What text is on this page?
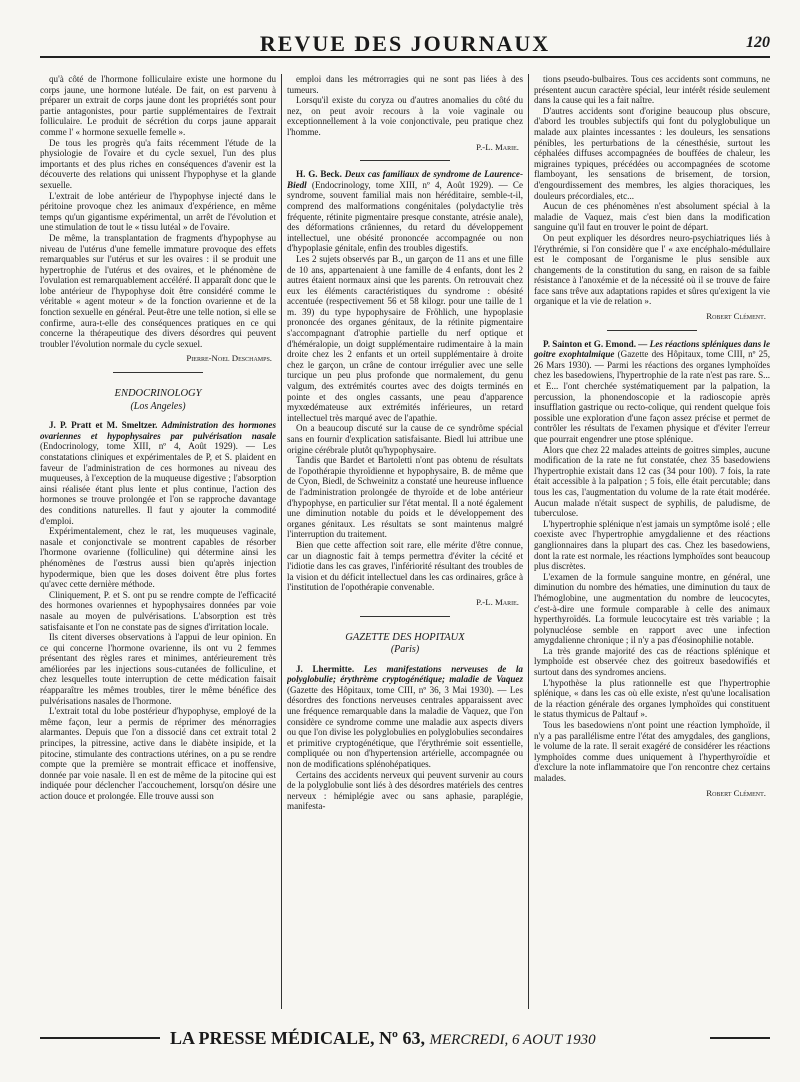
REVUE DES JOURNAUX	120

qu'à côté de l'hormone folliculaire existe une hormone du corps jaune, une hormone lutéale. De fait, on est parvenu à préparer un extrait de corps jaune dont les propriétés sont pour partie antagonistes, pour partie supplémentaires de l'extrait folliculaire. Le produit de sécrétion du corps jaune apparait comme l' « hormone sexuelle femelle ».

De tous les progrès qu'a faits récemment l'étude de la physiologie de l'ovaire et du cycle sexuel, l'un des plus importants et des plus riches en conséquences d'avenir est la découverte des relations qui unissent l'hypophyse et la glande sexuelle.

L'extrait de lobe antérieur de l'hypophyse injecté dans le péritoine provoque chez les animaux d'expérience, en même temps qu'un gigantisme expérimental, un arrêt de l'évolution et une stimulation de tout le « tissu lutéal » de l'ovaire.

De même, la transplantation de fragments d'hypophyse au niveau de l'utérus d'une femelle immature provoque des effets remarquables sur l'utérus et sur les ovaires : il se produit une hypertrophie de l'utérus et des ovaires, et le phénomène de l'ovulation est remarquablement accéléré. Il apparaît donc que le lobe antérieur de l'hypophyse doit être considéré comme le véritable « agent moteur » de la fonction ovarienne et de la fonction sexuelle en général. Peut-être une telle notion, si elle se confirme, aura-t-elle des conséquences pratiques en ce qui concerne la thérapeutique des divers désordres qui peuvent troubler l'évolution normale du cycle sexuel.

Pierre-Noel Deschamps.

ENDOCRINOLOGY

(Los Angeles)

J. P. Pratt et M. Smeltzer. Administration des hormones ovariennes et hypophysaires par pulvérisation nasale (Endocrinology, tome XIII, nº 4, Août 1929). — Les constatations cliniques et expérimentales de P, et S. plaident en faveur de l'administration de ces hormones au niveau des muqueuses, à l'exception de la muqueuse digestive ; l'absorption ainsi réalisée étant plus lente et plus continue, l'action des hormones se trouve prolongée et l'on se rapproche davantage des conditions naturelles. Il faut y ajouter la commodité d'emploi.

Expérimentalement, chez le rat, les muqueuses vaginale, nasale et conjonctivale se montrent capables de résorber l'hormone ovarienne (folliculine) qui détermine ainsi les phénomènes de l'œstrus aussi bien qu'après injection hypodermique, bien que les doses doivent être plus fortes qu'avec cette dernière méthode.

Cliniquement, P. et S. ont pu se rendre compte de l'efficacité des hormones ovariennes et hypophysaires données par voie nasale au moyen de pulvérisations. L'absorption est très satisfaisante et l'on ne constate pas de signes d'irritation locale.

Ils citent diverses observations à l'appui de leur opinion. En ce qui concerne l'hormone ovarienne, ils ont vu 2 femmes présentant des règles rares et minimes, antérieurement très améliorées par les injections sous-cutanées de folliculine, et chez lesquelles toute interruption de cette médication faisait réapparaître les mêmes troubles, tirer le même bénéfice des pulvérisations nasales de l'hormone.

L'extrait total du lobe postérieur d'hypophyse, employé de la même façon, leur a permis de réprimer des ménorragies alarmantes. Depuis que l'on a dissocié dans cet extrait total 2 principes, la pitressine, active dans le diabète insipide, et la pitocine, stimulante des contractions utérines, on a pu se rendre compte que la première se montrait efficace et inoffensive, donnée par voie nasale. Il en est de même de la pitocine qui est indiquée pour déclencher l'accouchement, lorsqu'on désire une action douce et prolongée. Elle trouve aussi son

emploi dans les métrorragies qui ne sont pas liées à des tumeurs.

Lorsqu'il existe du coryza ou d'autres anomalies du côté du nez, on peut avoir recours à la voie vaginale ou exceptionnellement à la voie conjonctivale, peu pratique chez l'homme.

P.-L. Marie.

H. G. Beck. Deux cas familiaux de syndrome de Laurence-Biedl (Endocrinology, tome XIII, nº 4, Août 1929). — Ce syndrome, souvent familial mais non héréditaire, semble-t-il, comprend des malformations congénitales (polydactylie très fréquente, rétinite pigmentaire presque constante, atrésie anale), des déformations crâniennes, du retard du développement intellectuel, une obésité prononcée accompagnée ou non d'hypoplasie génitale, enfin des troubles digestifs.

Les 2 sujets observés par B., un garçon de 11 ans et une fille de 10 ans, appartenaient à une famille de 4 enfants, dont les 2 autres étaient normaux ainsi que les parents. On retrouvait chez eux les éléments caractéristiques du syndrome : obésité accentuée (respectivement 56 et 58 kilogr. pour une taille de 1 m. 39) du type hypophysaire de Fröhlich, une hypoplasie prononcée des organes génitaux, de la rétinite pigmentaire s'accompagnant d'atrophie partielle du nerf optique et d'héméralopie, un doigt supplémentaire rudimentaire à la main droite chez les 2 enfants et un orteil supplémentaire à droite chez le garçon, un crâne de contour irrégulier avec une selle turcique un peu plus profonde que normalement, du genu valgum, des extrémités courtes avec des doigts terminés en pointe et des ongles cassants, une peau d'apparence myxœdémateuse aux extrémités inférieures, un retard intellectuel très marqué avec de l'apathie.

On a beaucoup discuté sur la cause de ce syndrôme spécial sans en fournir d'explication satisfaisante. Biedl lui attribue une origine cérébrale plutôt qu'hypophysaire.

Tandis que Bardet et Bartoletti n'ont pas obtenu de résultats de l'opothérapie thyroïdienne et hypophysaire, B. de même que de Cyon, Biedl, de Schweinitz a constaté une heureuse influence de l'administration prolongée de thyroïde et de lobe antérieur d'hypophyse, en particulier sur l'état mental. Il a noté également une diminution notable du poids et le développement des organes génitaux. Les résultats se sont maintenus malgré l'interruption du traitement.

Bien que cette affection soit rare, elle mérite d'être connue, car un diagnostic fait à temps permettra d'éviter la cécité et l'idiotie dans les cas graves, l'infériorité résultant des troubles de la vision et du déficit intellectuel dans les cas ordinaires, grâce à l'institution de l'opothérapie convenable.

P.-L. Marie.

GAZETTE DES HOPITAUX

(Paris)

J. Lhermitte. Les manifestations nerveuses de la polyglobulie; érythrème cryptogénétique; maladie de Vaquez (Gazette des Hôpitaux, tome CIII, nº 36, 3 Mai 1930). — Les désordres des fonctions nerveuses centrales apparaissent avec une fréquence remarquable dans la maladie de Vaquez, que l'on considère ce syndrome comme une maladie aux aspects divers ou que l'on divise les polyglobulies en polyglobulies secondaires et primitive cryptogénétique, que l'érythrémie soit essentielle, compliquée ou non d'hypertension artérielle, accompagnée ou non de modifications splénohépatiques.

Certains des accidents nerveux qui peuvent survenir au cours de la polyglobulie sont liés à des désordres matériels des centres nerveux : hémiplégie avec ou sans aphasie, paraplégie, manifesta-

tions pseudo-bulbaires. Tous ces accidents sont communs, ne présentent aucun caractère spécial, leur intérêt réside seulement dans la cause qui les a fait naître.

D'autres accidents sont d'origine beaucoup plus obscure, d'abord les troubles subjectifs qui font du polyglobulique un malade aux plaintes incessantes : les douleurs, les sensations pénibles, les perturbations de la cénesthésie, surtout les céphalées diffuses accompagnées de bouffées de chaleur, les migraines typiques, précédées ou accompagnées de scotome flamboyant, les sensations de brisement, de torsion, d'engourdissement des membres, les algies thoraciques, les douleurs précordiales, etc...

Aucun de ces phénomènes n'est absolument spécial à la maladie de Vaquez, mais c'est bien dans la modification sanguine qu'il faut en trouver le point de départ.

On peut expliquer les désordres neuro-psychiatriques liés à l'érythrémie, si l'on considère que l' « axe encéphalo-médullaire est le composant de l'organisme le plus sensible aux changements de la constitution du sang, en raison de sa faible résistance à l'anoxémie et de la nécessité où il se trouve de faire face sans trêve aux adaptations rapides et sûres qu'exigent la vie organique et la vie de relation ».

Robert Clément.

P. Sainton et G. Emond. — Les réactions spléniques dans le goitre exophtalmique (Gazette des Hôpitaux, tome CIII, nº 25, 26 Mars 1930). — Parmi les réactions des organes lymphoïdes chez les basedowiens, l'hypertrophie de la rate n'est pas rare. S... et E... l'ont cherchée systématiquement par la palpation, la percussion, la phonendoscopie et la radioscopie après insufflation gastrique ou recto-colique, qui rendent quelque fois possible une exploration d'une façon assez précise et permet de contrôler les résultats de l'examen physique et d'éviter l'erreur que pourrait engendrer une ptose splénique.

Alors que chez 22 malades atteints de goitres simples, aucune modification de la rate ne fut constatée, chez 35 basedowiens l'hypertrophie existait dans 12 cas (34 pour 100). 7 fois, la rate était accessible à la palpation ; 5 fois, elle était percutable; dans tous les cas, l'augmentation du volume de la rate était modérée. Aucun malade n'était suspect de syphilis, de paludisme, de tuberculose.

L'hypertrophie splénique n'est jamais un symptôme isolé ; elle coexiste avec l'hypertrophie amygdalienne et des réactions ganglionnaires dans la plupart des cas. Chez les basedowiens, dont la rate est normale, les réactions lymphoïdes sont beaucoup plus discrètes.

L'examen de la formule sanguine montre, en général, une diminution du nombre des hématies, une diminution du taux de l'hémoglobine, une augmentation du nombre de leucocytes, c'est-à-dire une formule comparable à celle des animaux hyperthyroïdés. La formule leucocytaire est très variable ; la polynucléose semble en rapport avec une infection amygdalienne chronique ; il n'y a pas d'éosinophilie notable.

La très grande majorité des cas de réactions splénique et lymphoïde est observée chez des goitreux basedowifiés et surtout dans des syndromes anciens.

L'hypothèse la plus rationnelle est que l'hypertrophie splénique, « dans les cas où elle existe, n'est qu'une localisation de la réaction générale des organes lymphoïdes qui constituent le status thymicus de Paltauf ».

Tous les basedowiens n'ont point une réaction lymphoïde, il n'y a pas parallélisme entre l'état des amygdales, des ganglions, le volume de la rate. Il serait exagéré de considérer les réactions lymphoïdes comme dues uniquement à l'hyperthyroïdie et d'exclure la note inflammatoire que l'on rencontre chez certains malades.

Robert Clément.

LA PRESSE MÉDICALE, Nº 63, MERCREDI, 6 AOUT 1930
